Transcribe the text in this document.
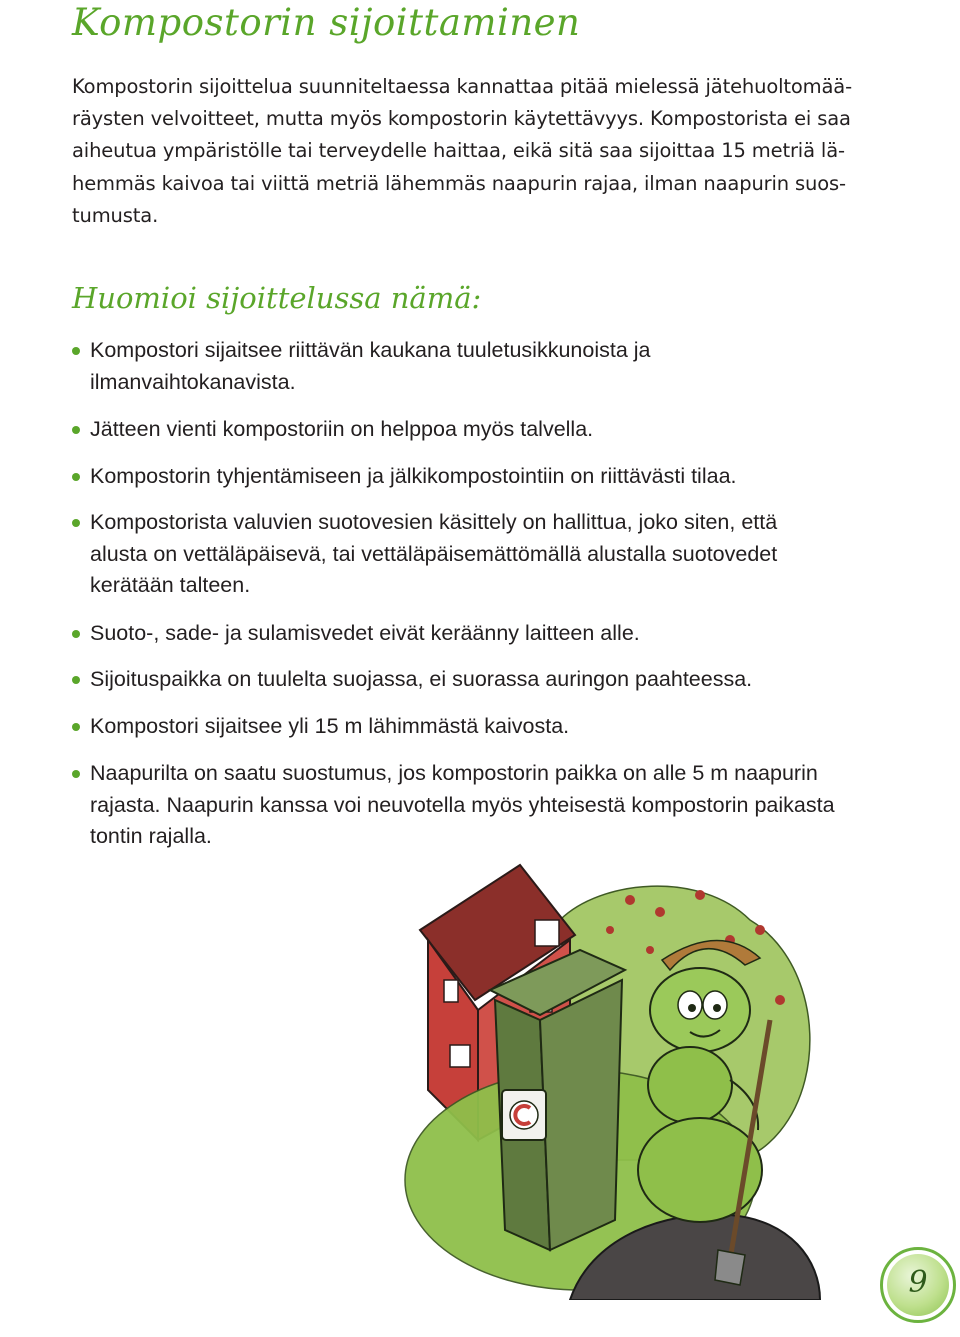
Kompostorin sijoittaminen

Kompostorin sijoittelua suunniteltaessa kannattaa pitää mielessä jätehuoltomää-
räysten velvoitteet, mutta myös kompostorin käytettävyys. Kompostorista ei saa
aiheutua ympäristölle tai terveydelle haittaa, eikä sitä saa sijoittaa 15 metriä lä-
hemmäs kaivoa tai viittä metriä lähemmäs naapurin rajaa, ilman naapurin suos-
tumusta.

Huomioi sijoittelussa nämä:
Kompostori sijaitsee riittävän kaukana tuuletusikkunoista ja
ilmanvaihtokanavista.
Jätteen vienti kompostoriin on helppoa myös talvella.
Kompostorin tyhjentämiseen ja jälkikompostointiin on riittävästi tilaa.
Kompostorista valuvien suotovesien käsittely on hallittua, joko siten, että
alusta on vettäläpäisevä, tai vettäläpäisemättömällä alustalla suotovedet
kerätään talteen.
Suoto-, sade- ja sulamisvedet eivät keräänny laitteen alle.
Sijoituspaikka on tuulelta suojassa, ei suorassa auringon paahteessa.
Kompostori sijaitsee yli 15 m lähimmästä kaivosta.
Naapurilta on saatu suostumus, jos kompostorin paikka on alle 5 m naapurin
rajasta. Naapurin kanssa voi neuvotella myös yhteisestä kompostorin paikasta
tontin rajalla.
9
